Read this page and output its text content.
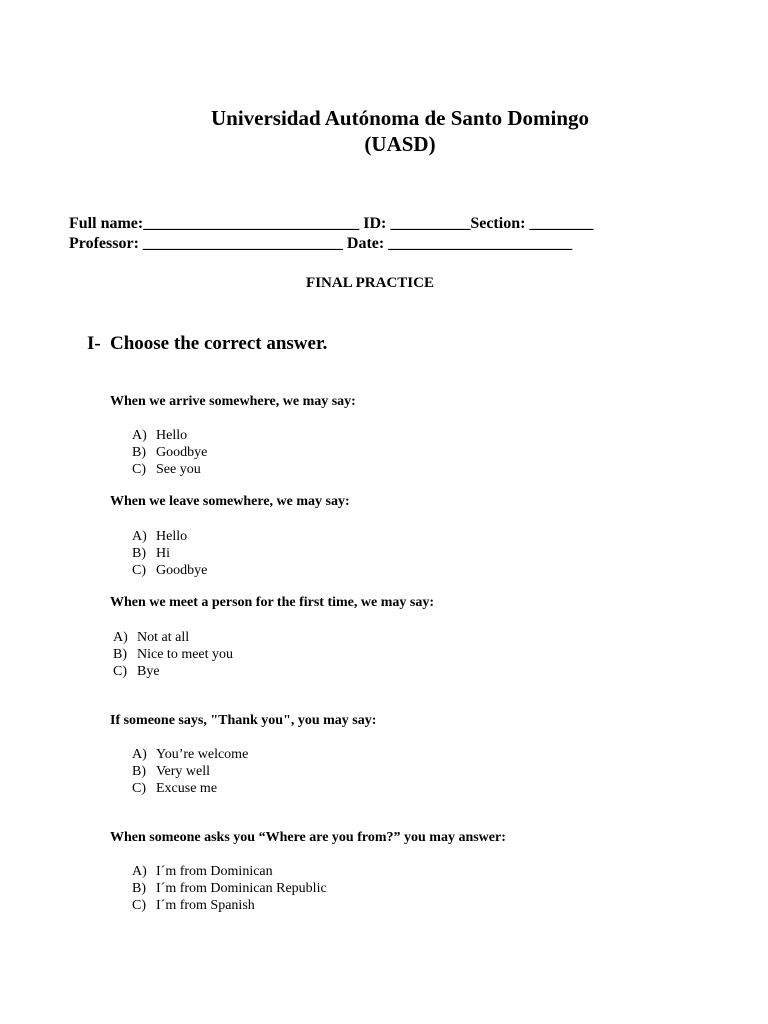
Universidad Autónoma de Santo Domingo
(UASD)
Full name:___________________________ ID: __________Section: ________
Professor: _________________________ Date: _______________________
FINAL PRACTICE
I- Choose the correct answer.
When we arrive somewhere, we may say:
A) Hello
B) Goodbye
C) See you
When we leave somewhere, we may say:
A) Hello
B) Hi
C) Goodbye
When we meet a person for the first time, we may say:
A) Not at all
B) Nice to meet you
C) Bye
If someone says, "Thank you", you may say:
A) You’re welcome
B) Very well
C) Excuse me
When someone asks you “Where are you from?” you may answer:
A) I´m from Dominican
B) I´m from Dominican Republic
C) I´m from Spanish
